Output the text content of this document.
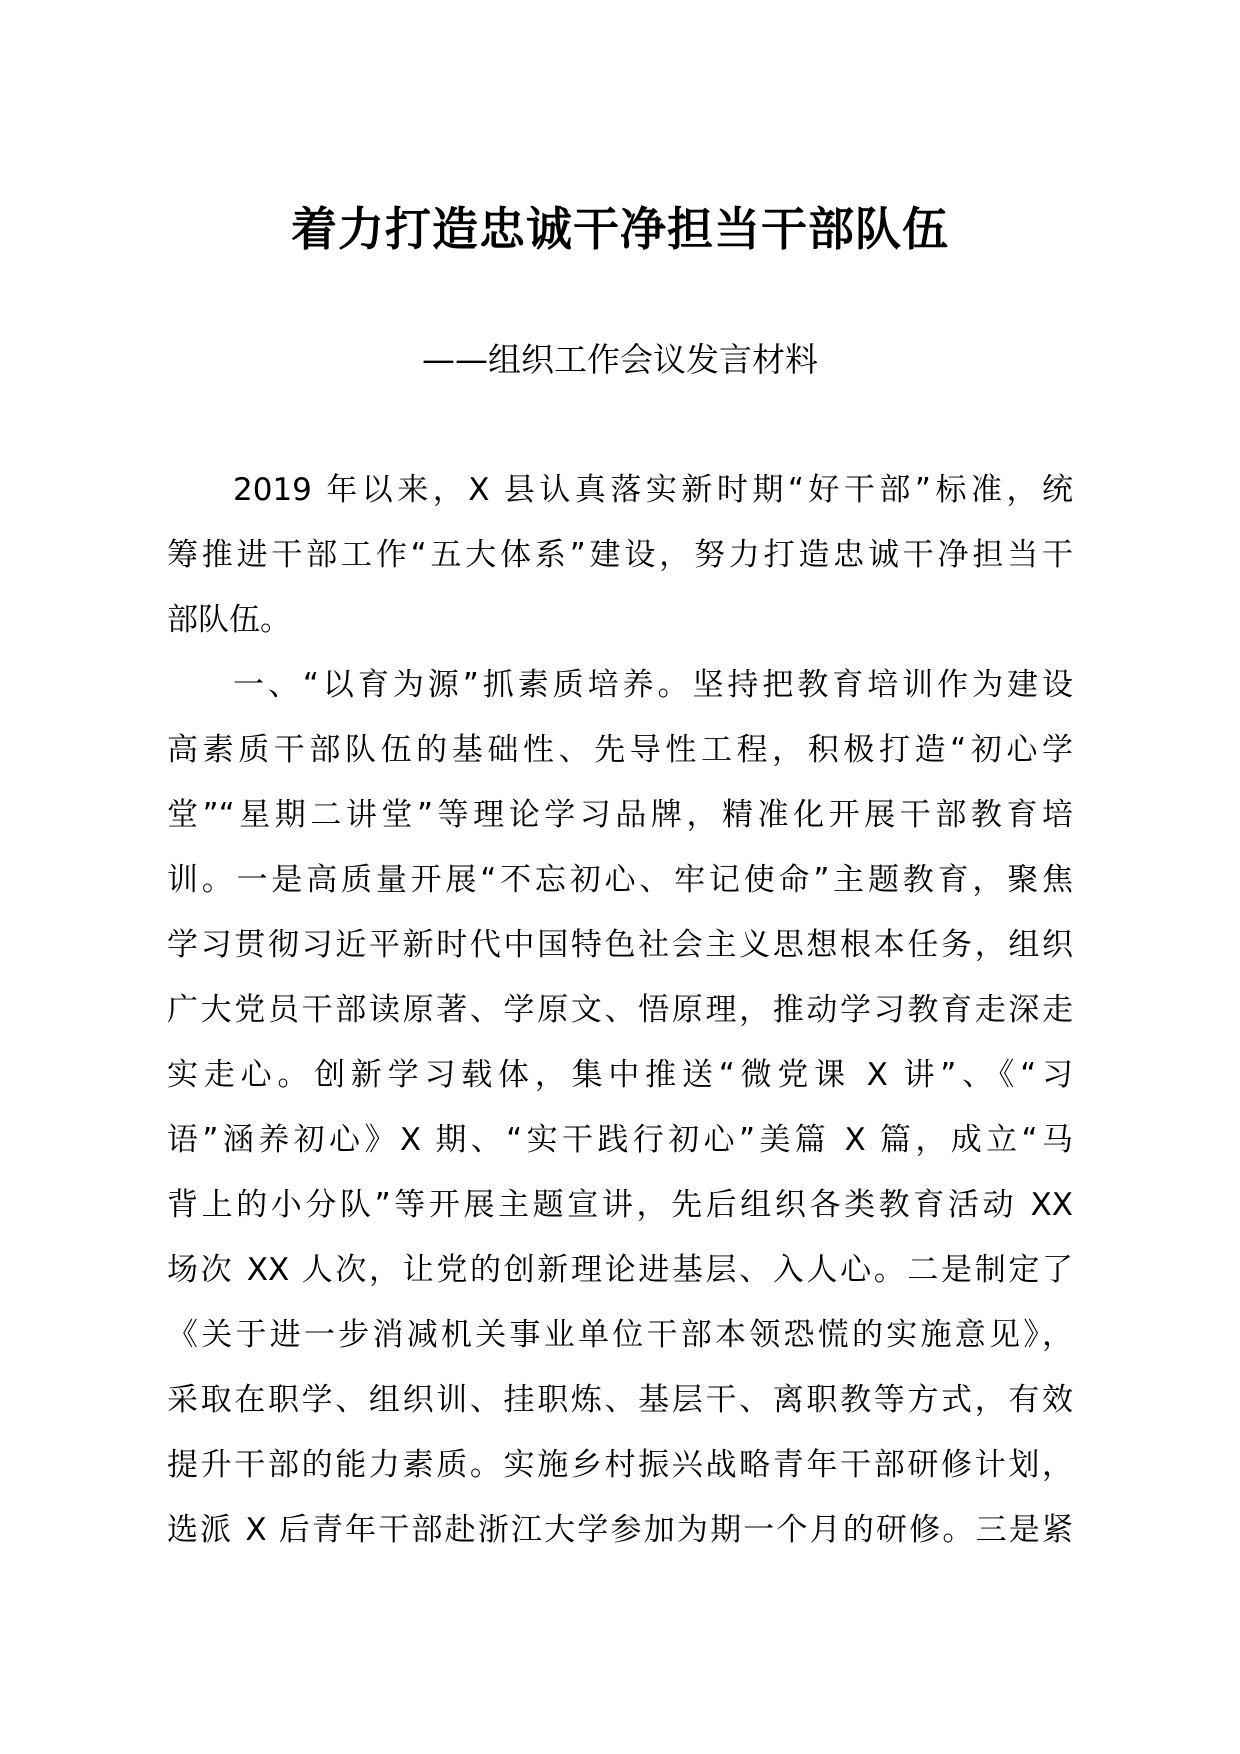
着力打造忠诚干净担当干部队伍
——组织工作会议发言材料
2019 年以来，X 县认真落实新时期“好干部”标准，统
筹推进干部工作“五大体系”建设，努力打造忠诚干净担当干
部队伍。
一、“以育为源”抓素质培养。坚持把教育培训作为建设
高素质干部队伍的基础性、先导性工程，积极打造“初心学
堂”“星期二讲堂”等理论学习品牌，精准化开展干部教育培
训。一是高质量开展“不忘初心、牢记使命”主题教育，聚焦
学习贯彻习近平新时代中国特色社会主义思想根本任务，组织
广大党员干部读原著、学原文、悟原理，推动学习教育走深走
实走心。创新学习载体，集中推送“微党课 X 讲”、《“习
语”涵养初心》X 期、“实干践行初心”美篇 X 篇，成立“马
背上的小分队”等开展主题宣讲，先后组织各类教育活动 XX
场次 XX 人次，让党的创新理论进基层、入人心。二是制定了
《关于进一步消减机关事业单位干部本领恐慌的实施意见》，
采取在职学、组织训、挂职炼、基层干、离职教等方式，有效
提升干部的能力素质。实施乡村振兴战略青年干部研修计划，
选派 X 后青年干部赴浙江大学参加为期一个月的研修。三是紧
